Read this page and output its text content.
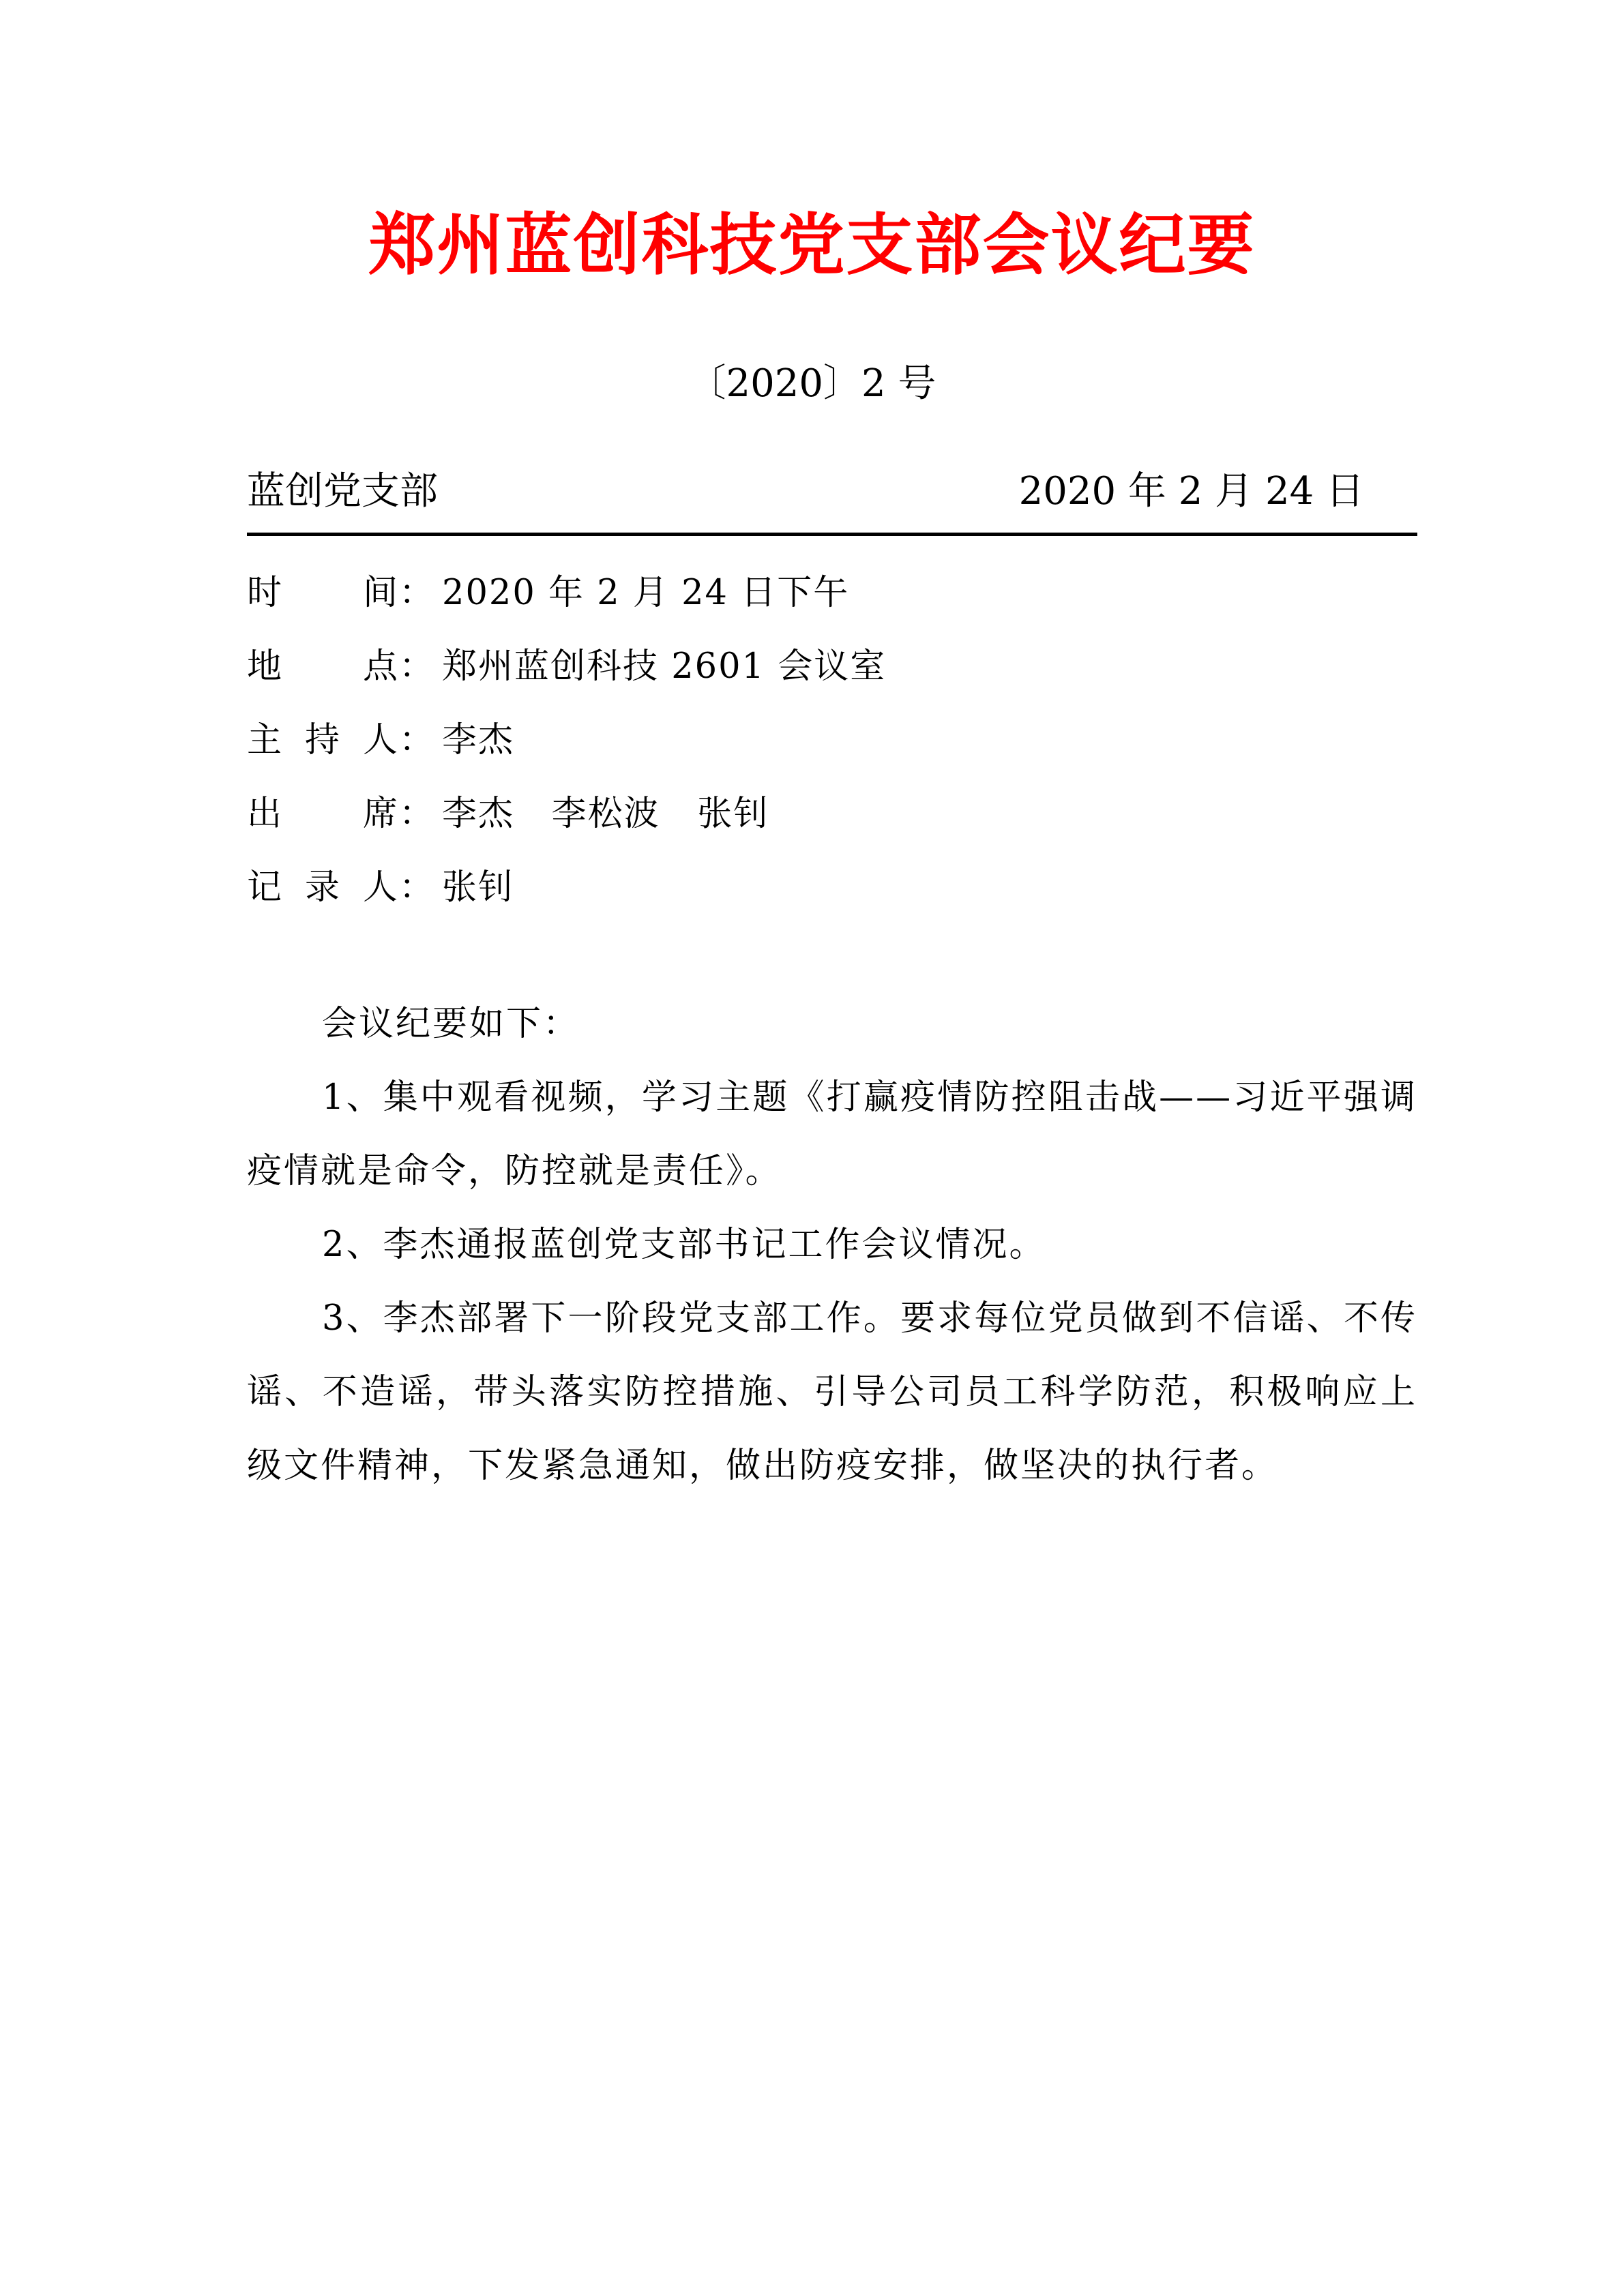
郑州蓝创科技党支部会议纪要
〔2020〕2 号
蓝创党支部	2020 年 2 月 24 日
时 间： 2020 年 2 月 24 日下午
地 点： 郑州蓝创科技 2601 会议室
主 持 人： 李杰
出 席： 李杰   李松波   张钊
记 录 人： 张钊

会议纪要如下：

1、集中观看视频，学习主题《打赢疫情防控阻击战——习近平强调疫情就是命令，防控就是责任》。

2、李杰通报蓝创党支部书记工作会议情况。

3、李杰部署下一阶段党支部工作。要求每位党员做到不信谣、不传谣、不造谣，带头落实防控措施、引导公司员工科学防范，积极响应上级文件精神，下发紧急通知，做出防疫安排，做坚决的执行者。
